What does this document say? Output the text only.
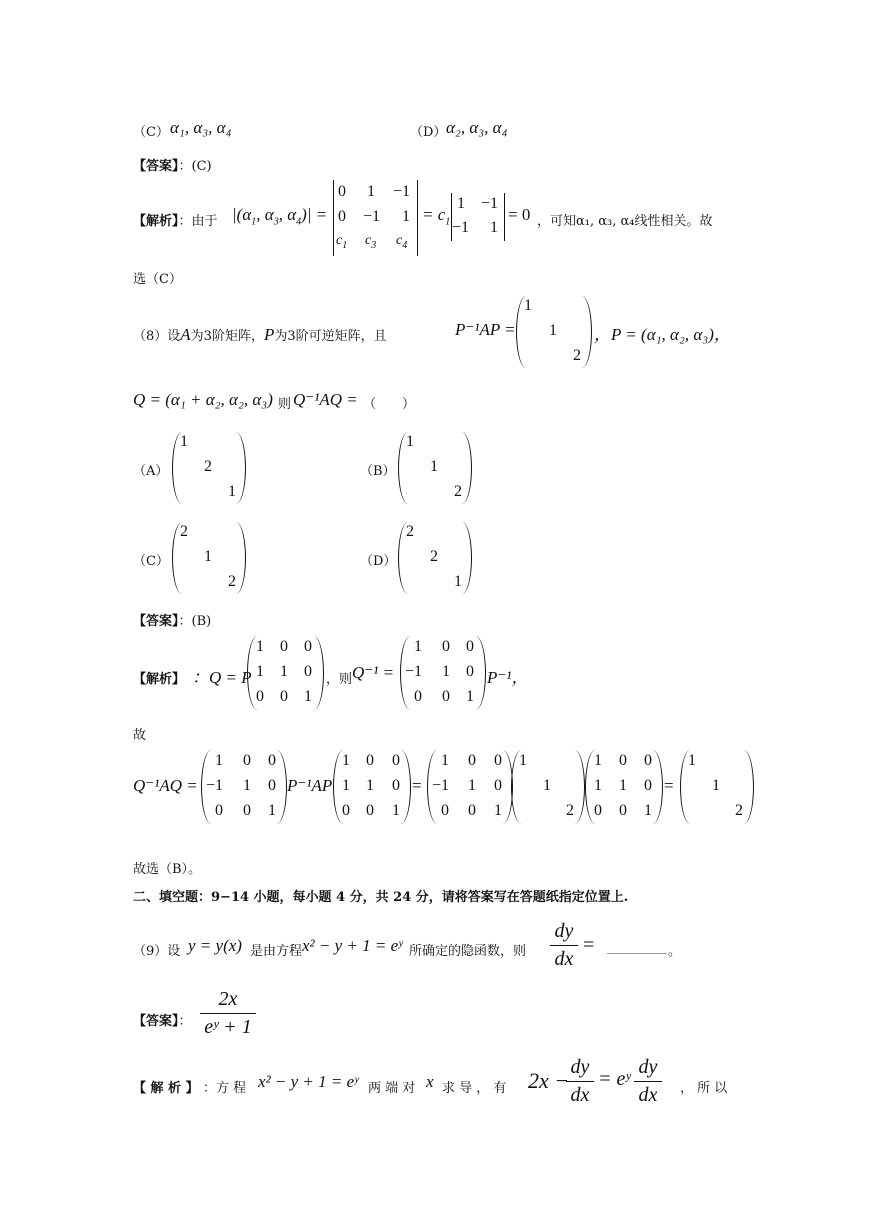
（C） α₁, α₃, α₄	（D） α₂, α₃, α₄
【答案】：(C)
【解析】：由于 $|(\alpha_1$, $\alpha_3$, $\alpha_4)|$ =
0 1 −1
0 −1 1
$c_1$ $c_3$ $c_4$
= $c_1$
1 −1
−1 1
= 0 ，可知α₁, α₃, α₄线性相关。故
选（C）
（8）设A为3阶矩阵，P为3阶可逆矩阵，且	P⁻¹AP =
1
1
2
，P = (α₁, α₂, α₃)，
Q = (α₁ + α₂, α₂, α₃) 则 Q⁻¹AQ = （　　）
（A）
1
2
1
（B）
1
1
2
（C）
2
1
2
（D）
2
2
1
【答案】：(B)
【解析】 ：Q = P
1 0 0
1 1 0
0 0 1
，则 Q⁻¹ =
1 0 0
−1 1 0
0 0 1
P⁻¹，
故
Q⁻¹AQ =
1 0 0
−1 1 0
0 0 1
P⁻¹AP
1 0 0
1 1 0
0 0 1
=
1 0 0
−1 1 0
0 0 1
1
1
2
1 0 0
1 1 0
0 0 1
=
1
1
2
故选（B）。
二、填空题：9−14 小题，每小题 4 分，共 24 分，请将答案写在答题纸指定位置上.
（9）设 y = y(x) 是由方程 x² − y + 1 = eʸ 所确定的隐函数，则
dy
dx
=	。
【答案】：
2x
eʸ + 1
【 解 析 】 ：方 程 x² − y + 1 = eʸ 两 端 对 x 求 导 ， 有 2x −
dy
dx
= eʸ
dy
dx	， 所 以
